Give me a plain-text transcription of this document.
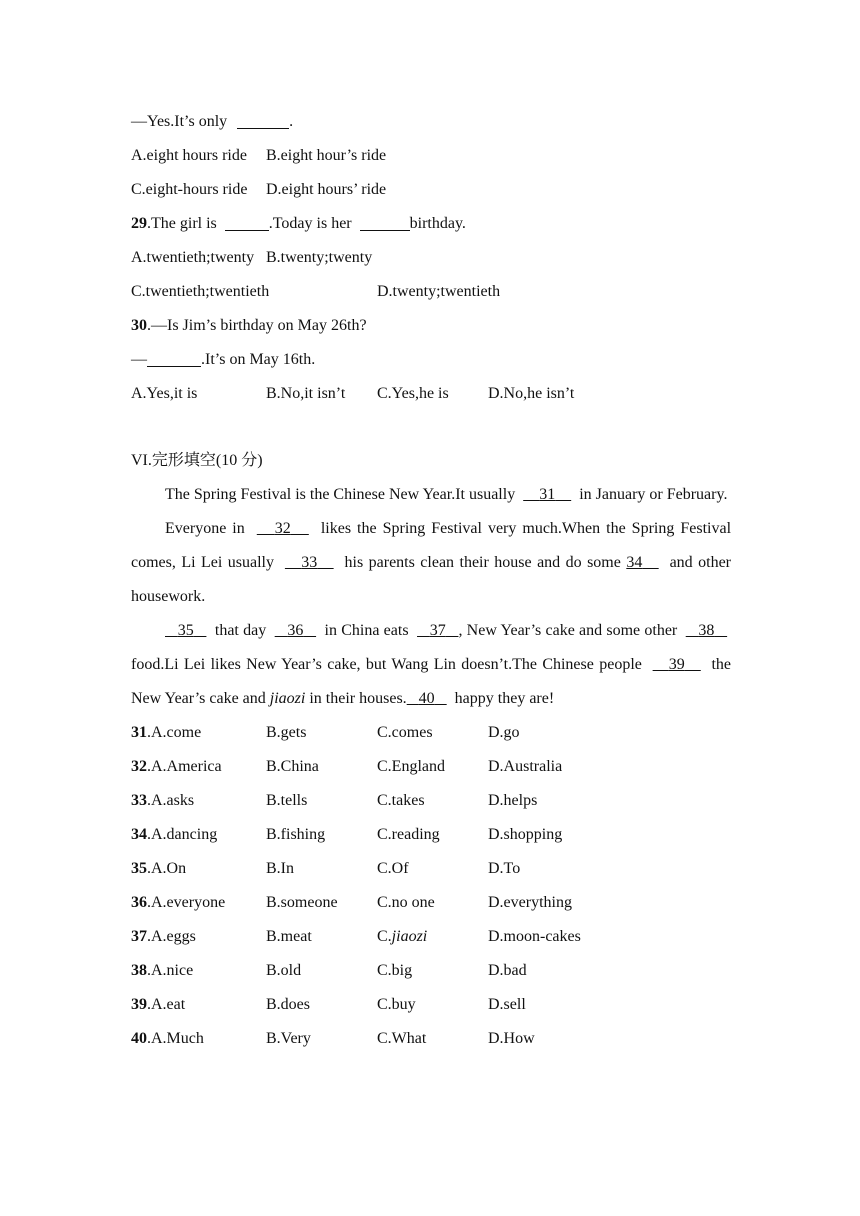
—Yes.It’s only	.
A.eight hours ride B.eight hour’s ride
C.eight-hours ride D.eight hours’ ride
29.The girl is	.Today is her	birthday.
A.twentieth;twenty B.twenty;twenty
C.twentieth;twentieth	D.twenty;twentieth
30.—Is Jim’s birthday on May 26th?
—	.It’s on May 16th.
A.Yes,it is	B.No,it isn’t C.Yes,he is D.No,he isn’t
VI.完形填空(10 分)
The Spring Festival is the Chinese New Year.It usually 31 in January or February.
Everyone in 32 likes the Spring Festival very much.When the Spring Festival comes, Li Lei usually 33 his parents clean their house and do some 34 and other housework.
35 that day 36 in China eats 37 , New Year’s cake and some other 38     food.Li Lei likes New Year’s cake, but Wang Lin doesn’t.The Chinese people 39 the New Year’s cake and jiaozi in their houses. 40 happy they are!
31.A.come	B.gets	C.comes	D.go
32.A.America	B.China	C.England	D.Australia
33.A.asks	B.tells	C.takes	D.helps
34.A.dancing	B.fishing	C.reading	D.shopping
35.A.On	B.In	C.Of	D.To
36.A.everyone	B.someone C.no one	D.everything
37.A.eggs	B.meat	C.jiaozi	D.moon-cakes
38.A.nice	B.old	C.big	D.bad
39.A.eat	B.does	C.buy	D.sell
40.A.Much	B.Very	C.What	D.How
